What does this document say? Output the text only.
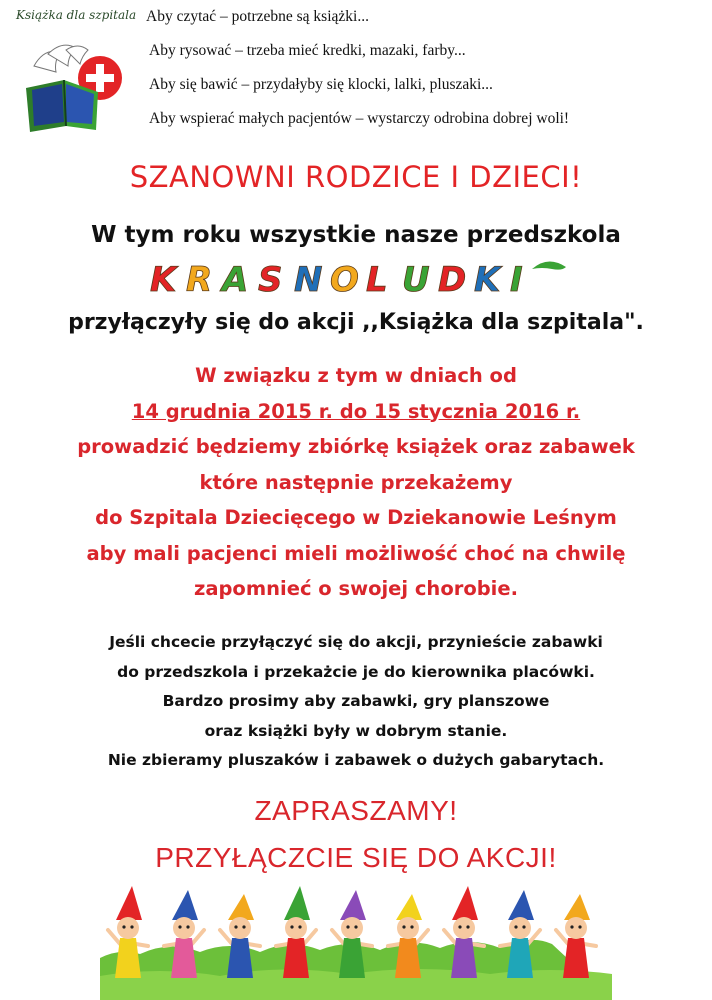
Książka dla szpitala Aby czytać – potrzebne są książki...
Aby rysować – trzeba mieć kredki, mazaki, farby...
Aby się bawić – przydałyby się klocki, lalki, pluszaki...
Aby wspierać małych pacjentów – wystarczy odrobina dobrej woli!
SZANOWNI RODZICE I DZIECI!
W tym roku wszystkie nasze przedszkola
K R A S N O L U D K I
przyłączyły się do akcji ,,Książka dla szpitala".
W związku z tym w dniach od
14 grudnia 2015 r. do 15 stycznia 2016 r.
prowadzić będziemy zbiórkę książek oraz zabawek
które następnie przekażemy
do Szpitala Dziecięcego w Dziekanowie Leśnym
aby mali pacjenci mieli możliwość choć na chwilę
zapomnieć o swojej chorobie.
Jeśli chcecie przyłączyć się do akcji, przynieście zabawki
do przedszkola i przekażcie je do kierownika placówki.
Bardzo prosimy aby zabawki, gry planszowe
oraz książki były w dobrym stanie.
Nie zbieramy pluszaków i zabawek o dużych gabarytach.
ZAPRASZAMY!
PRZYŁĄCZCIE SIĘ DO AKCJI!
